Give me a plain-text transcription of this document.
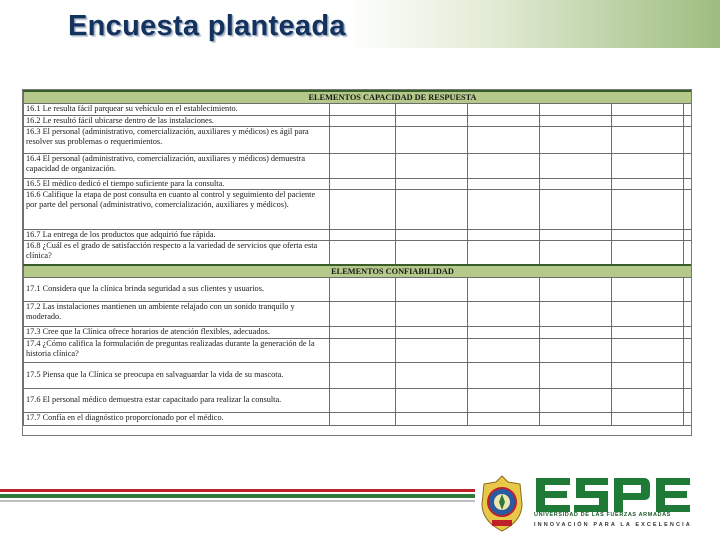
Encuesta planteada
ELEMENTOS CAPACIDAD DE RESPUESTA						
16.1 Le resulta fácil parquear su vehículo en el establecimiento.						
16.2 Le resultó fácil ubicarse dentro de las instalaciones.						
16.3 El personal (administrativo, comercialización, auxiliares y médicos) es ágil para resolver sus problemas o requerimientos.						
16.4 El personal (administrativo, comercialización, auxiliares y médicos) demuestra capacidad de organización.						
16.5 El médico dedicó el tiempo suficiente para la consulta.						
16.6 Califique la etapa de post consulta en cuanto al control y seguimiento del paciente por parte del personal (administrativo, comercialización, auxiliares y médicos).						
16.7 La entrega de los productos que adquirió fue rápida.						
16.8 ¿Cuál es el grado de satisfacción respecto a la variedad de servicios que oferta esta clínica?						
ELEMENTOS CONFIABILIDAD						
17.1 Considera que la clínica brinda seguridad a sus clientes y usuarios.						
17.2 Las instalaciones mantienen un ambiente relajado con un sonido tranquilo y moderado.						
17.3 Cree que la Clínica ofrece horarios de atención flexibles, adecuados.						
17.4 ¿Cómo califica la formulación de preguntas realizadas durante la generación de la historia clínica?						
17.5 Piensa que la Clínica se preocupa en salvaguardar la vida de su mascota.						
17.6 El personal médico demuestra estar capacitado para realizar la consulta.						
17.7 Confía en el diagnóstico proporcionado por el médico.						
UNIVERSIDAD DE LAS FUERZAS ARMADAS
INNOVACIÓN PARA LA EXCELENCIA
